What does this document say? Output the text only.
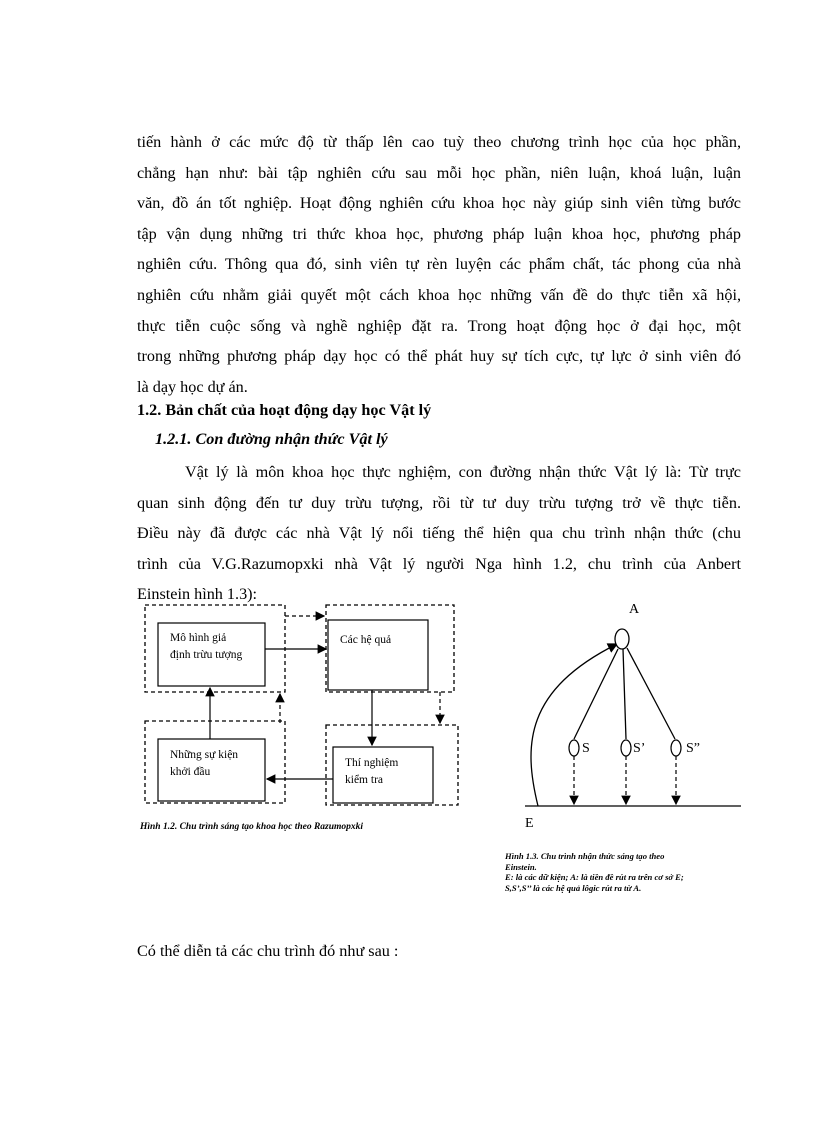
tiến hành ở các mức độ từ thấp lên cao tuỳ theo chương trình học của học phần,
chẳng hạn như: bài tập nghiên cứu sau mỗi học phần, niên luận, khoá luận, luận
văn, đồ án tốt nghiệp. Hoạt động nghiên cứu khoa học này giúp sinh viên từng bước
tập vận dụng những tri thức khoa học, phương pháp luận khoa học, phương pháp
nghiên cứu. Thông qua đó, sinh viên tự rèn luyện các phẩm chất, tác phong của nhà
nghiên cứu nhằm giải quyết một cách khoa học những vấn đề do thực tiễn xã hội,
thực tiễn cuộc sống và nghề nghiệp đặt ra. Trong hoạt động học ở đại học, một
trong những phương pháp dạy học có thể phát huy sự tích cực, tự lực ở sinh viên đó
là dạy học dự án.

1.2. Bản chất của hoạt động dạy học Vật lý

1.2.1. Con đường nhận thức Vật lý

Vật lý là môn khoa học thực nghiệm, con đường nhận thức Vật lý là: Từ trực
quan sinh động đến tư duy trừu tượng, rồi từ tư duy trừu tượng trở về thực tiễn.
Điều này đã được các nhà Vật lý nổi tiếng thể hiện qua chu trình nhận thức (chu
trình của V.G.Razumopxki nhà Vật lý người Nga hình 1.2, chu trình của Anbert
Einstein hình 1.3):
Mô hình giả
định trừu tượng
Các hệ quả
Những sự kiện
khởi đầu
Thí nghiệm
kiểm tra

Hình 1.2. Chu trình sáng tạo khoa học theo Razumopxki

A
E
S	S’	S”

Hình 1.3. Chu trình nhận thức sáng tạo theo
Einstein.
E: là các dữ kiện; A: là tiền đề rút ra trên cơ sở E;
S,S’,S’’ là các hệ quả lôgic rút ra từ A.

Có thể diễn tả các chu trình đó như sau :
